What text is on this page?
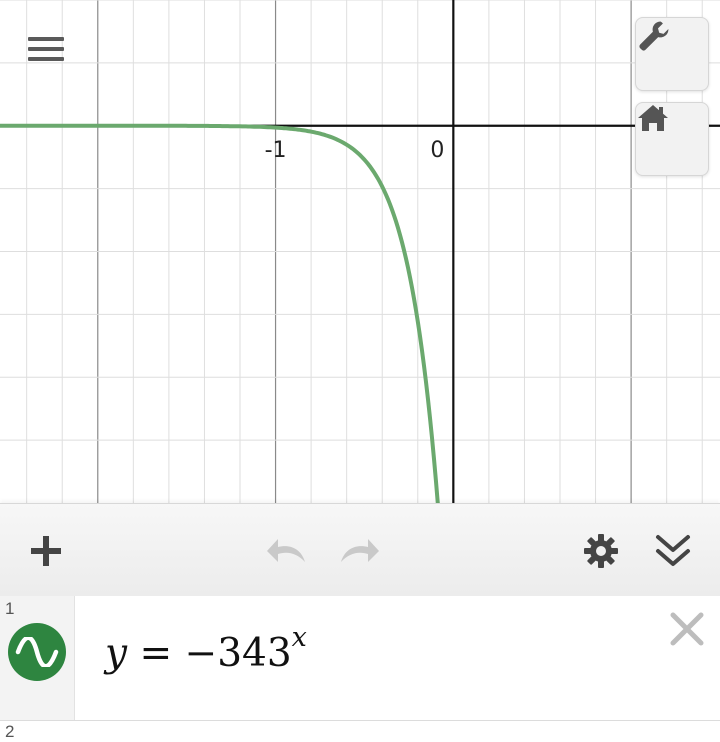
-1	0
1
$y = -343^x$
2
